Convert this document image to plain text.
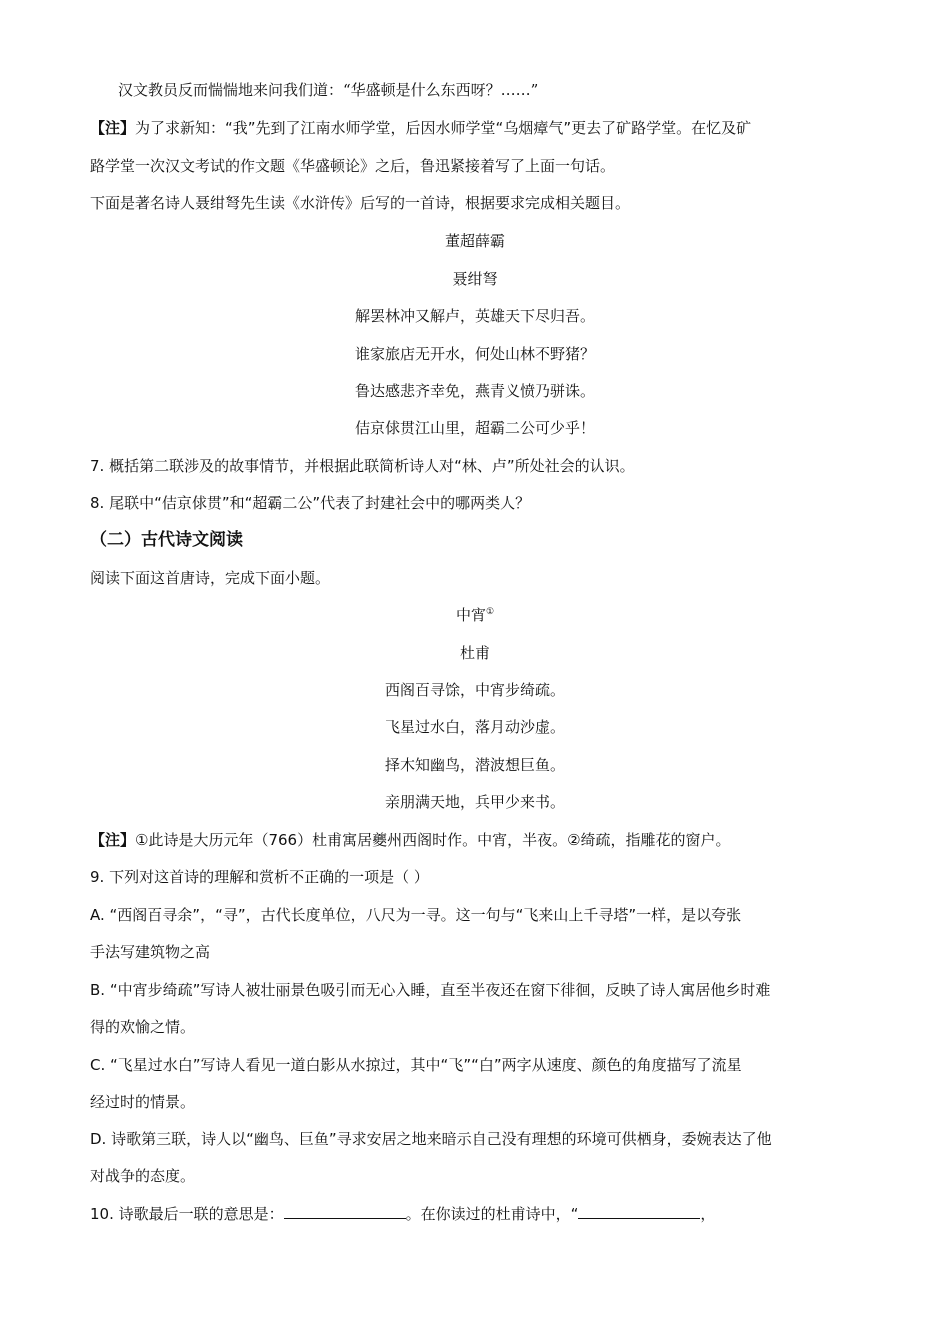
汉文教员反而惴惴地来问我们道：“华盛顿是什么东西呀？……”
【注】为了求新知：“我”先到了江南水师学堂，后因水师学堂“乌烟瘴气”更去了矿路学堂。在忆及矿
路学堂一次汉文考试的作文题《华盛顿论》之后，鲁迅紧接着写了上面一句话。
下面是著名诗人聂绀弩先生读《水浒传》后写的一首诗，根据要求完成相关题目。
董超薛霸
聂绀弩
解罢林冲又解卢，英雄天下尽归吾。
谁家旅店无开水，何处山林不野猪？
鲁达感悲齐幸免，燕青义愤乃骈诛。
佶京俅贯江山里，超霸二公可少乎！
7. 概括第二联涉及的故事情节，并根据此联简析诗人对“林、卢”所处社会的认识。
8. 尾联中“佶京俅贯”和“超霸二公”代表了封建社会中的哪两类人？
（二）古代诗文阅读
阅读下面这首唐诗，完成下面小题。
中宵①
杜甫
西阁百寻馀，中宵步绮疏。
飞星过水白，落月动沙虚。
择木知幽鸟，潜波想巨鱼。
亲朋满天地，兵甲少来书。
【注】①此诗是大历元年（766）杜甫寓居夔州西阁时作。中宵，半夜。②绮疏，指雕花的窗户。
9. 下列对这首诗的理解和赏析不正确的一项是（ ）
A. “西阁百寻余”，“寻”，古代长度单位，八尺为一寻。这一句与“飞来山上千寻塔”一样，是以夸张
手法写建筑物之高
B. “中宵步绮疏”写诗人被壮丽景色吸引而无心入睡，直至半夜还在窗下徘徊，反映了诗人寓居他乡时难
得的欢愉之情。
C. “飞星过水白”写诗人看见一道白影从水掠过，其中“飞”“白”两字从速度、颜色的角度描写了流星
经过时的情景。
D. 诗歌第三联，诗人以“幽鸟、巨鱼”寻求安居之地来暗示自己没有理想的环境可供栖身，委婉表达了他
对战争的态度。
10. 诗歌最后一联的意思是：	。在你读过的杜甫诗中，“	，
